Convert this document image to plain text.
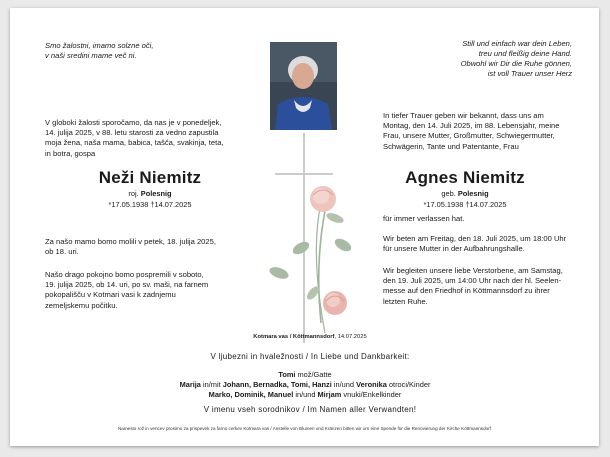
Smo žalostni, imamo solzne oči,
v naši sredini mame več ni.
Still und einfach war dein Leben,
treu und fleißig deine Hand.
Obwohl wir Dir die Ruhe gönnen,
ist voll Trauer unser Herz
V globoki žalosti sporočamo, da nas je v ponedeljek,
14. julija 2025, v 88. letu starosti za vedno zapustila
moja žena, naša mama, babica, tašča, svakinja, teta,
in botra, gospa
In tiefer Trauer geben wir bekannt, dass uns am
Montag, den 14. Juli 2025, im 88. Lebensjahr, meine
Frau, unsere Mutter, Großmutter, Schwiegermutter,
Schwägerin, Tante und Patentante, Frau
Neži Niemitz
roj. Polesnig
*17.05.1938 †14.07.2025
Agnes Niemitz
geb. Polesnig
*17.05.1938 †14.07.2025
Za našo mamo bomo molili v petek, 18. julija 2025,
ob 18. uri.
Našo drago pokojno bomo pospremili v soboto,
19. julija 2025, ob 14. uri, po sv. maši, na farnem
pokopališču v Kotmari vasi k zadnjemu
zemeljskemu počitku.
für immer verlassen hat.
Wir beten am Freitag, den 18. Juli 2025, um 18:00 Uhr
für unsere Mutter in der Aufbahrungshalle.
Wir begleiten unsere liebe Verstorbene, am Samstag,
den 19. Juli 2025, um 14:00 Uhr nach der hl. Seelen-
messe auf den Friedhof in Köttmannsdorf zu ihrer
letzten Ruhe.
Kotmara vas / Köttmannsdorf, 14.07.2025
V ljubezni in hvaležnosti / In Liebe und Dankbarkeit:
Tomi mož/Gatte
Marija in/mit Johann, Bernadka, Tomi, Hanzi in/und Veronika otroci/Kinder
Marko, Dominik, Manuel in/und Mirjam vnuki/Enkelkinder
V imenu vseh sorodnikov / Im Namen aller Verwandten!
Namesto rož in vencev prosimo za prispevek za farno cerkev Kotmara vas / Anstelle von Blumen und Kränzen bitten wir um eine Spende für die Renovierung der Kirche Köttmannsdorf
